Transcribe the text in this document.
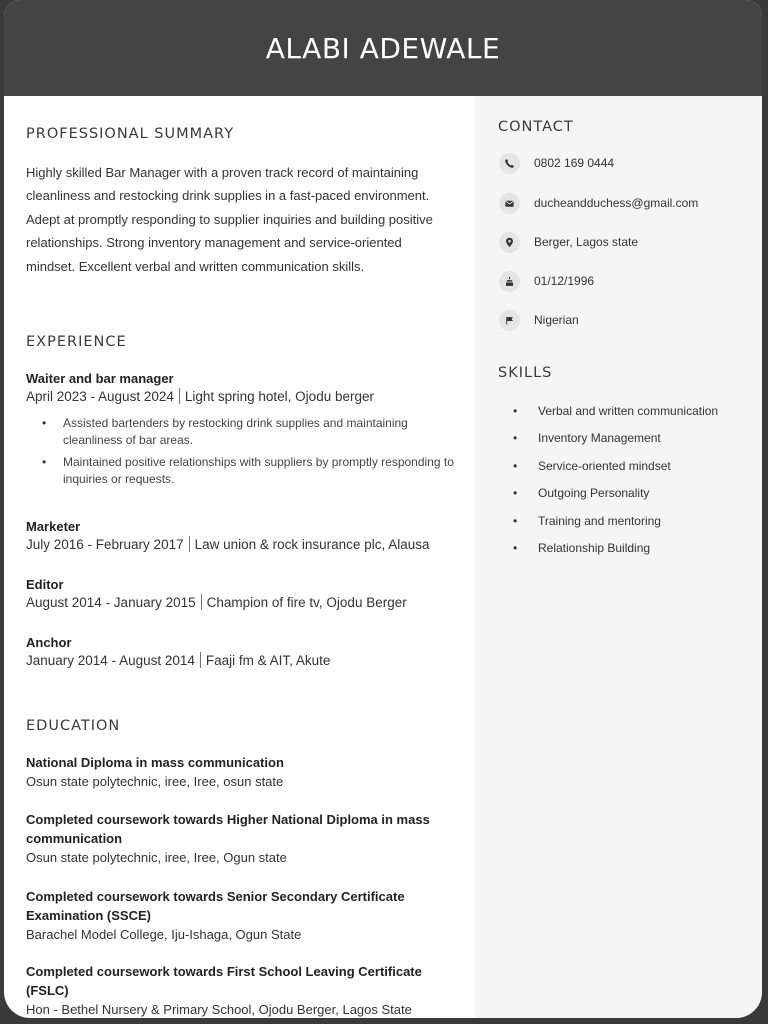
ALABI ADEWALE
PROFESSIONAL SUMMARY

Highly skilled Bar Manager with a proven track record of maintaining cleanliness and restocking drink supplies in a fast-paced environment. Adept at promptly responding to supplier inquiries and building positive relationships. Strong inventory management and service-oriented mindset. Excellent verbal and written communication skills.

EXPERIENCE

Waiter and bar manager

April 2023 - August 2024 Light spring hotel, Ojodu berger

• Assisted bartenders by restocking drink supplies and maintaining cleanliness of bar areas.
• Maintained positive relationships with suppliers by promptly responding to inquiries or requests.

Marketer

July 2016 - February 2017 Law union & rock insurance plc, Alausa

Editor

August 2014 - January 2015 Champion of fire tv, Ojodu Berger

Anchor

January 2014 - August 2014 Faaji fm & AIT, Akute

EDUCATION

National Diploma in mass communication

Osun state polytechnic, iree, Iree, osun state

Completed coursework towards Higher National Diploma in mass communication

Osun state polytechnic, iree, Iree, Ogun state

Completed coursework towards Senior Secondary Certificate Examination (SSCE)

Barachel Model College, Iju-Ishaga, Ogun State

Completed coursework towards First School Leaving Certificate (FSLC)

Hon - Bethel Nursery & Primary School, Ojodu Berger, Lagos State

CONTACT
0802 169 0444
ducheandduchess@gmail.com
Berger, Lagos state
01/12/1996
Nigerian
SKILLS
• Verbal and written communication
• Inventory Management
• Service-oriented mindset
• Outgoing Personality
• Training and mentoring
• Relationship Building
